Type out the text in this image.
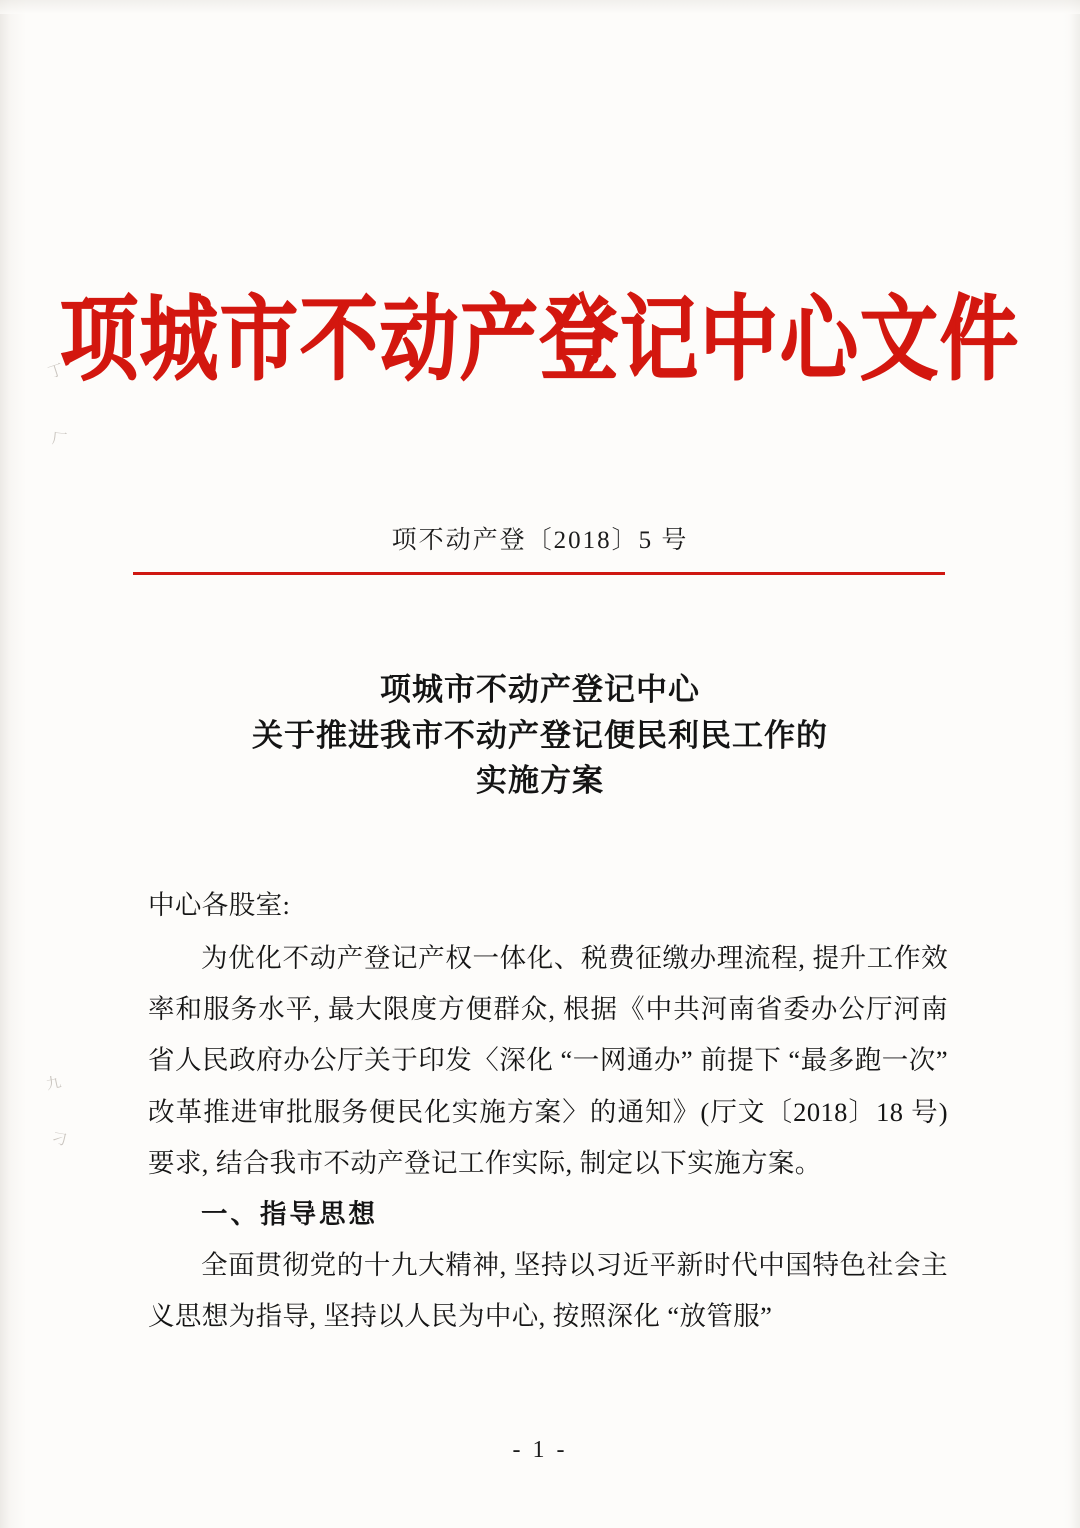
丁
厂
九
刁
项城市不动产登记中心文件
项不动产登〔2018〕5 号
项城市不动产登记中心
关于推进我市不动产登记便民利民工作的
实施方案

中心各股室:

为优化不动产登记产权一体化、税费征缴办理流程, 提升工作效率和服务水平, 最大限度方便群众, 根据《中共河南省委办公厅河南省人民政府办公厅关于印发〈深化 “一网通办” 前提下 “最多跑一次” 改革推进审批服务便民化实施方案〉的通知》(厅文〔2018〕18 号) 要求, 结合我市不动产登记工作实际, 制定以下实施方案。

一、指导思想

全面贯彻党的十九大精神, 坚持以习近平新时代中国特色社会主义思想为指导, 坚持以人民为中心, 按照深化 “放管服”

- 1 -
